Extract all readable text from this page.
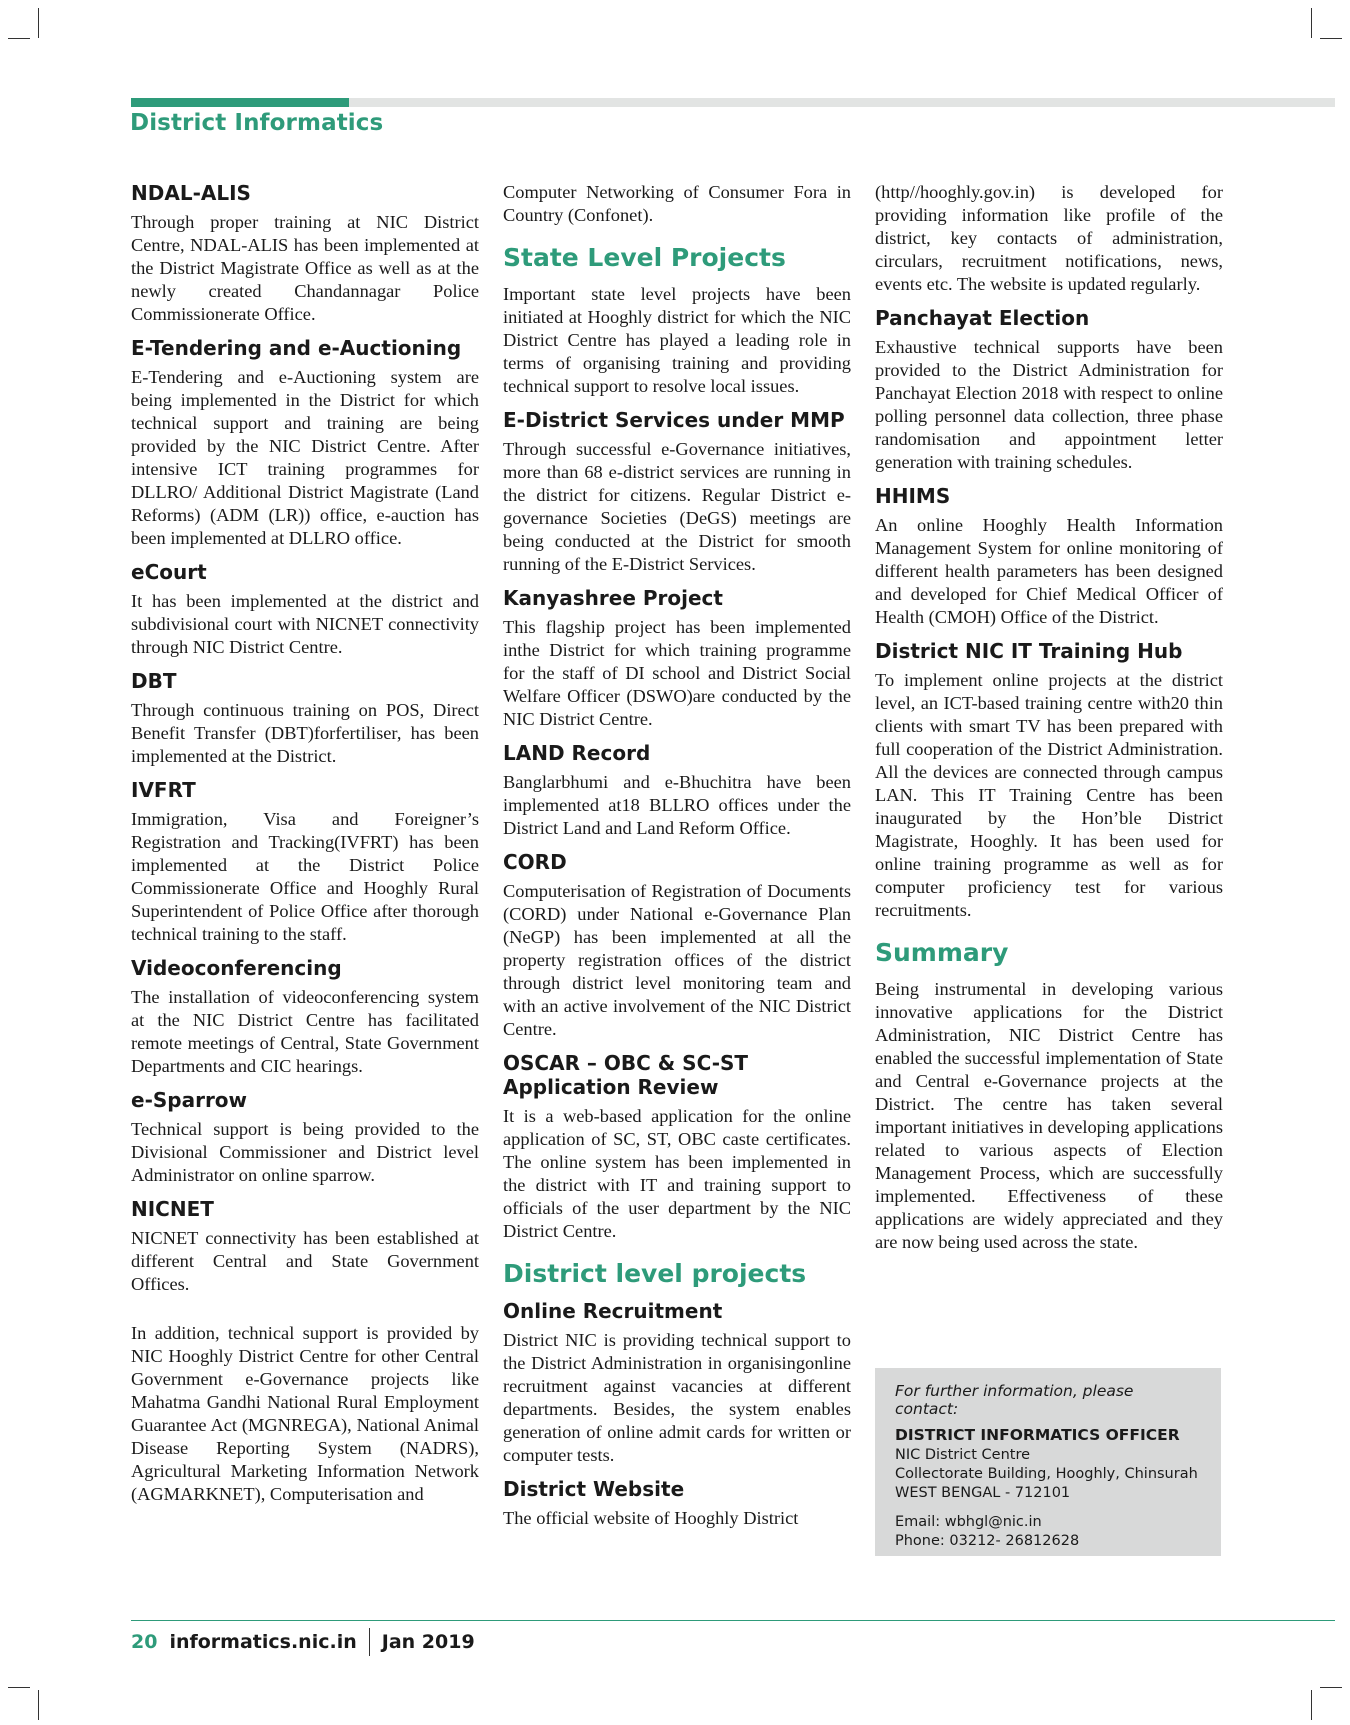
District Informatics
NDAL-ALIS

Through proper training at NIC District Centre, NDAL-ALIS has been implemented at the District Magistrate Office as well as at the newly created Chandannagar Police Commissionerate Office.

E-Tendering and e-Auctioning

E-Tendering and e-Auctioning system are being implemented in the District for which technical support and training are being provided by the NIC District Centre. After intensive ICT training programmes for DLLRO/ Additional District Magistrate (Land Reforms) (ADM (LR)) office, e-auction has been implemented at DLLRO office.

eCourt

It has been implemented at the district and subdivisional court with NICNET connectivity through NIC District Centre.

DBT

Through continuous training on POS, Direct Benefit Transfer (DBT)forfertiliser, has been implemented at the District.

IVFRT

Immigration, Visa and Foreigner’s Registration and Tracking(IVFRT) has been implemented at the District Police Commissionerate Office and Hooghly Rural Superintendent of Police Office after thorough technical training to the staff.

Videoconferencing

The installation of videoconferencing system at the NIC District Centre has facilitated remote meetings of Central, State Government Departments and CIC hearings.

e-Sparrow

Technical support is being provided to the Divisional Commissioner and District level Administrator on online sparrow.

NICNET

NICNET connectivity has been established at different Central and State Government Offices.

In addition, technical support is provided by NIC Hooghly District Centre for other Central Government e-Governance projects like Mahatma Gandhi National Rural Employment Guarantee Act (MGNREGA), National Animal Disease Reporting System (NADRS), Agricultural Marketing Information Network (AGMARKNET), Computerisation and

Computer Networking of Consumer Fora in Country (Confonet).

State Level Projects

Important state level projects have been initiated at Hooghly district for which the NIC District Centre has played a leading role in terms of organising training and providing technical support to resolve local issues.

E-District Services under MMP

Through successful e-Governance initiatives, more than 68 e-district services are running in the district for citizens. Regular District e-governance Societies (DeGS) meetings are being conducted at the District for smooth running of the E-District Services.

Kanyashree Project

This flagship project has been implemented inthe District for which training programme for the staff of DI school and District Social Welfare Officer (DSWO)are conducted by the NIC District Centre.

LAND Record

Banglarbhumi and e-Bhuchitra have been implemented at18 BLLRO offices under the District Land and Land Reform Office.

CORD

Computerisation of Registration of Documents (CORD) under National e-Governance Plan (NeGP) has been implemented at all the property registration offices of the district through district level monitoring team and with an active involvement of the NIC District Centre.

OSCAR – OBC & SC-ST Application Review

It is a web-based application for the online application of SC, ST, OBC caste certificates. The online system has been implemented in the district with IT and training support to officials of the user department by the NIC District Centre.

District level projects
Online Recruitment

District NIC is providing technical support to the District Administration in organisingonline recruitment against vacancies at different departments. Besides, the system enables generation of online admit cards for written or computer tests.

District Website

The official website of Hooghly District

(http//hooghly.gov.in) is developed for providing information like profile of the district, key contacts of administration, circulars, recruitment notifications, news, events etc. The website is updated regularly.

Panchayat Election

Exhaustive technical supports have been provided to the District Administration for Panchayat Election 2018 with respect to online polling personnel data collection, three phase randomisation and appointment letter generation with training schedules.

HHIMS

An online Hooghly Health Information Management System for online monitoring of different health parameters has been designed and developed for Chief Medical Officer of Health (CMOH) Office of the District.

District NIC IT Training Hub

To implement online projects at the district level, an ICT-based training centre with20 thin clients with smart TV has been prepared with full cooperation of the District Administration. All the devices are connected through campus LAN. This IT Training Centre has been inaugurated by the Hon’ble District Magistrate, Hooghly. It has been used for online training programme as well as for computer proficiency test for various recruitments.

Summary

Being instrumental in developing various innovative applications for the District Administration, NIC District Centre has enabled the successful implementation of State and Central e-Governance projects at the District. The centre has taken several important initiatives in developing applications related to various aspects of Election Management Process, which are successfully implemented. Effectiveness of these applications are widely appreciated and they are now being used across the state.

For further information, please contact:
DISTRICT INFORMATICS OFFICER
NIC District Centre
Collectorate Building, Hooghly, Chinsurah
WEST BENGAL - 712101
Email: wbhgl@nic.in
Phone: 03212- 26812628
20 informatics.nic.in Jan 2019
